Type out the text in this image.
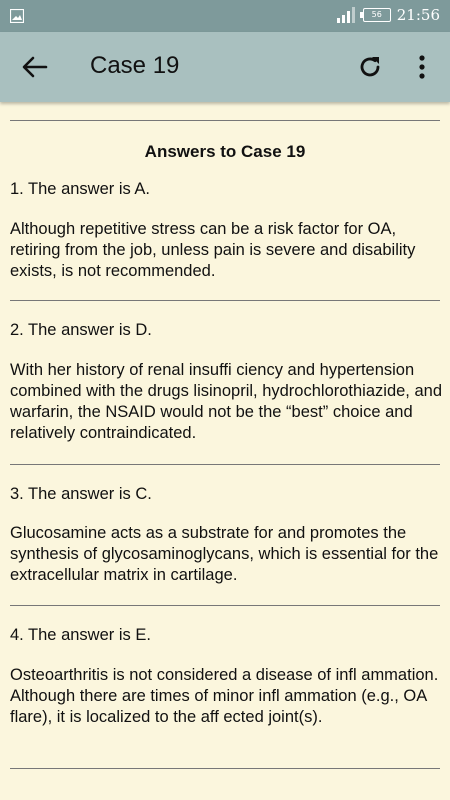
56 21:56
Case 19
Answers to Case 19
1. The answer is A.
Although repetitive stress can be a risk factor for OA, retiring from the job, unless pain is severe and disability exists, is not recommended.
2. The answer is D.
With her history of renal insuffi ciency and hypertension combined with the drugs lisinopril, hydrochlorothiazide, and warfarin, the NSAID would not be the “best” choice and relatively contraindicated.
3. The answer is C.
Glucosamine acts as a substrate for and promotes the synthesis of glycosaminoglycans, which is essential for the extracellular matrix in cartilage.
4. The answer is E.
Osteoarthritis is not considered a disease of infl ammation. Although there are times of minor infl ammation (e.g., OA flare), it is localized to the aff ected joint(s).
